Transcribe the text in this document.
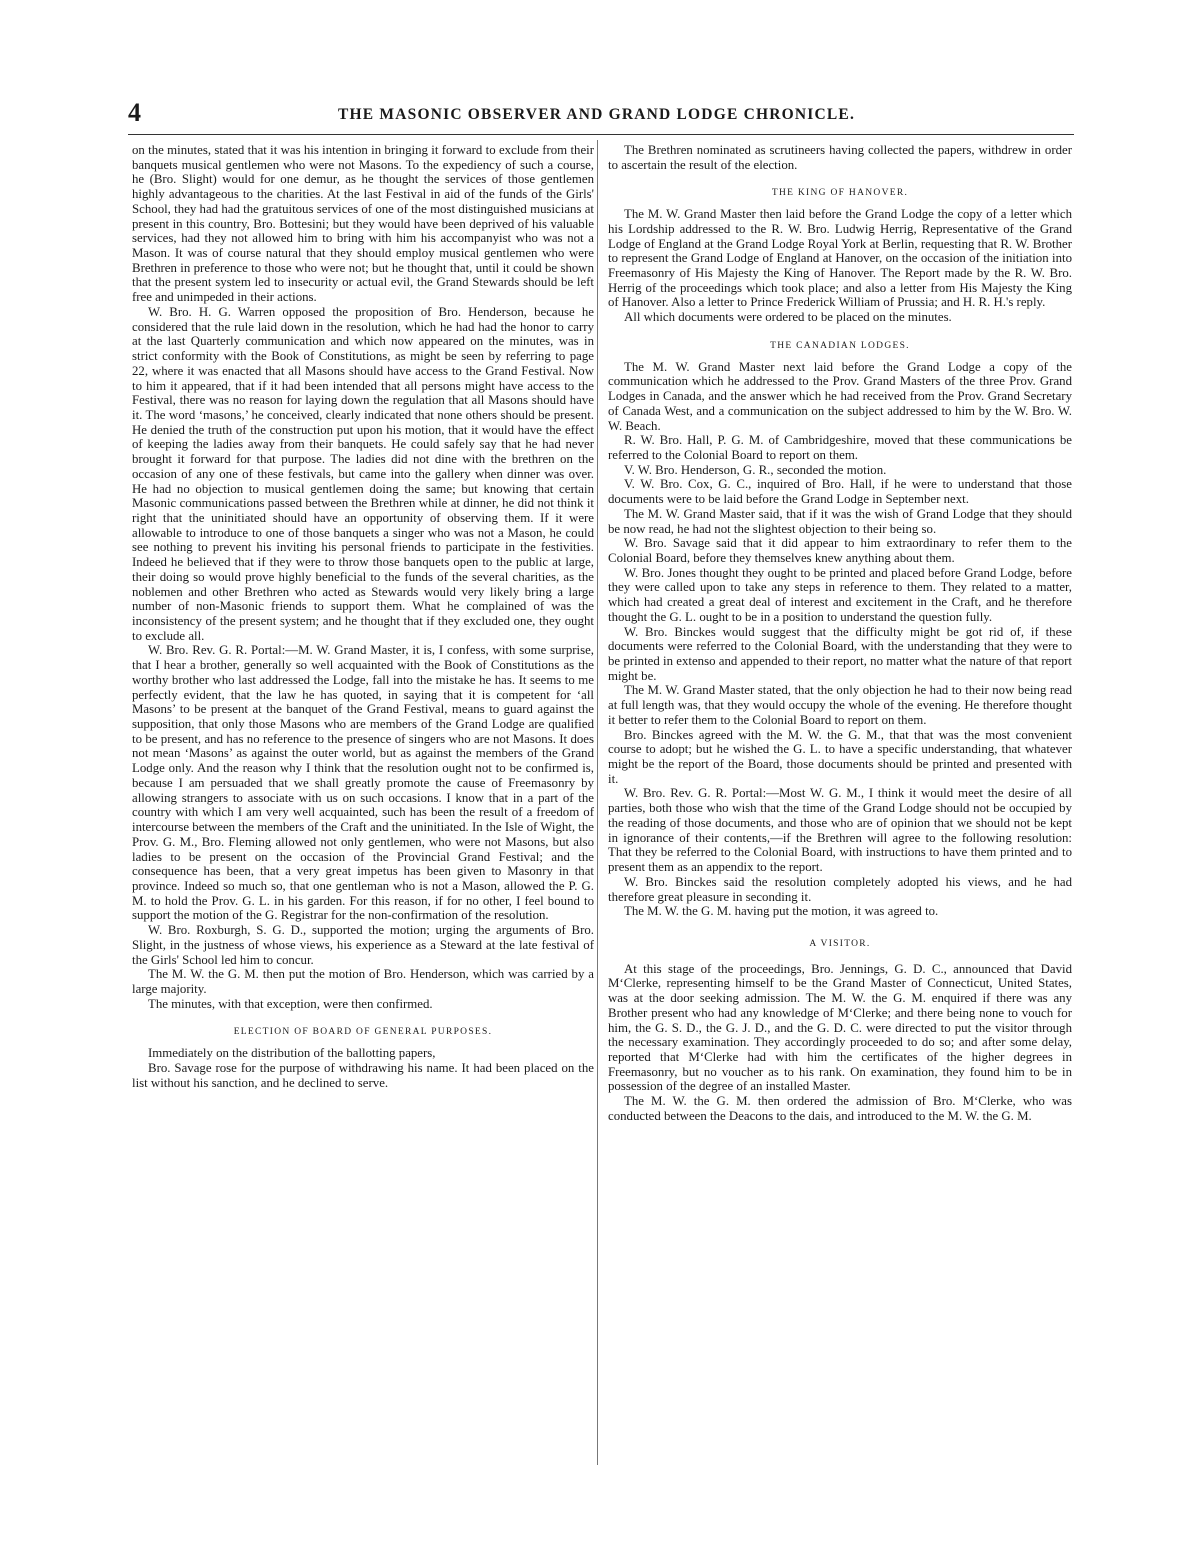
4	THE MASONIC OBSERVER AND GRAND LODGE CHRONICLE.

on the minutes, stated that it was his intention in bringing it forward to exclude from their banquets musical gentlemen who were not Masons. To the expediency of such a course, he (Bro. Slight) would for one demur, as he thought the services of those gentlemen highly advantageous to the charities. At the last Festival in aid of the funds of the Girls' School, they had had the gratuitous services of one of the most distinguished musicians at present in this country, Bro. Bottesini; but they would have been deprived of his valuable services, had they not allowed him to bring with him his accompanyist who was not a Mason. It was of course natural that they should employ musical gentlemen who were Brethren in preference to those who were not; but he thought that, until it could be shown that the present system led to insecurity or actual evil, the Grand Stewards should be left free and unimpeded in their actions.

W. Bro. H. G. Warren opposed the proposition of Bro. Henderson, because he considered that the rule laid down in the resolution, which he had had the honor to carry at the last Quarterly communication and which now appeared on the minutes, was in strict conformity with the Book of Constitutions, as might be seen by referring to page 22, where it was enacted that all Masons should have access to the Grand Festival. Now to him it appeared, that if it had been intended that all persons might have access to the Festival, there was no reason for laying down the regulation that all Masons should have it. The word ‘masons,’ he conceived, clearly indicated that none others should be present. He denied the truth of the construction put upon his motion, that it would have the effect of keeping the ladies away from their banquets. He could safely say that he had never brought it forward for that purpose. The ladies did not dine with the brethren on the occasion of any one of these festivals, but came into the gallery when dinner was over. He had no objection to musical gentlemen doing the same; but knowing that certain Masonic communications passed between the Brethren while at dinner, he did not think it right that the uninitiated should have an opportunity of observing them. If it were allowable to introduce to one of those banquets a singer who was not a Mason, he could see nothing to prevent his inviting his personal friends to participate in the festivities. Indeed he believed that if they were to throw those banquets open to the public at large, their doing so would prove highly beneficial to the funds of the several charities, as the noblemen and other Brethren who acted as Stewards would very likely bring a large number of non-Masonic friends to support them. What he complained of was the inconsistency of the present system; and he thought that if they excluded one, they ought to exclude all.

W. Bro. Rev. G. R. Portal:—M. W. Grand Master, it is, I confess, with some surprise, that I hear a brother, generally so well acquainted with the Book of Constitutions as the worthy brother who last addressed the Lodge, fall into the mistake he has. It seems to me perfectly evident, that the law he has quoted, in saying that it is competent for ‘all Masons’ to be present at the banquet of the Grand Festival, means to guard against the supposition, that only those Masons who are members of the Grand Lodge are qualified to be present, and has no reference to the presence of singers who are not Masons. It does not mean ‘Masons’ as against the outer world, but as against the members of the Grand Lodge only. And the reason why I think that the resolution ought not to be confirmed is, because I am persuaded that we shall greatly promote the cause of Freemasonry by allowing strangers to associate with us on such occasions. I know that in a part of the country with which I am very well acquainted, such has been the result of a freedom of intercourse between the members of the Craft and the uninitiated. In the Isle of Wight, the Prov. G. M., Bro. Fleming allowed not only gentlemen, who were not Masons, but also ladies to be present on the occasion of the Provincial Grand Festival; and the consequence has been, that a very great impetus has been given to Masonry in that province. Indeed so much so, that one gentleman who is not a Mason, allowed the P. G. M. to hold the Prov. G. L. in his garden. For this reason, if for no other, I feel bound to support the motion of the G. Registrar for the non-confirmation of the resolution.

W. Bro. Roxburgh, S. G. D., supported the motion; urging the arguments of Bro. Slight, in the justness of whose views, his experience as a Steward at the late festival of the Girls' School led him to concur.

The M. W. the G. M. then put the motion of Bro. Henderson, which was carried by a large majority.

The minutes, with that exception, were then confirmed.

ELECTION OF BOARD OF GENERAL PURPOSES.

Immediately on the distribution of the ballotting papers,

Bro. Savage rose for the purpose of withdrawing his name. It had been placed on the list without his sanction, and he declined to serve.

The Brethren nominated as scrutineers having collected the papers, withdrew in order to ascertain the result of the election.

THE KING OF HANOVER.

The M. W. Grand Master then laid before the Grand Lodge the copy of a letter which his Lordship addressed to the R. W. Bro. Ludwig Herrig, Representative of the Grand Lodge of England at the Grand Lodge Royal York at Berlin, requesting that R. W. Brother to represent the Grand Lodge of England at Hanover, on the occasion of the initiation into Freemasonry of His Majesty the King of Hanover. The Report made by the R. W. Bro. Herrig of the proceedings which took place; and also a letter from His Majesty the King of Hanover. Also a letter to Prince Frederick William of Prussia; and H. R. H.'s reply.

All which documents were ordered to be placed on the minutes.

THE CANADIAN LODGES.

The M. W. Grand Master next laid before the Grand Lodge a copy of the communication which he addressed to the Prov. Grand Masters of the three Prov. Grand Lodges in Canada, and the answer which he had received from the Prov. Grand Secretary of Canada West, and a communication on the subject addressed to him by the W. Bro. W. W. Beach.

R. W. Bro. Hall, P. G. M. of Cambridgeshire, moved that these communications be referred to the Colonial Board to report on them.

V. W. Bro. Henderson, G. R., seconded the motion.

V. W. Bro. Cox, G. C., inquired of Bro. Hall, if he were to understand that those documents were to be laid before the Grand Lodge in September next.

The M. W. Grand Master said, that if it was the wish of Grand Lodge that they should be now read, he had not the slightest objection to their being so.

W. Bro. Savage said that it did appear to him extraordinary to refer them to the Colonial Board, before they themselves knew anything about them.

W. Bro. Jones thought they ought to be printed and placed before Grand Lodge, before they were called upon to take any steps in reference to them. They related to a matter, which had created a great deal of interest and excitement in the Craft, and he therefore thought the G. L. ought to be in a position to understand the question fully.

W. Bro. Binckes would suggest that the difficulty might be got rid of, if these documents were referred to the Colonial Board, with the understanding that they were to be printed in extenso and appended to their report, no matter what the nature of that report might be.

The M. W. Grand Master stated, that the only objection he had to their now being read at full length was, that they would occupy the whole of the evening. He therefore thought it better to refer them to the Colonial Board to report on them.

Bro. Binckes agreed with the M. W. the G. M., that that was the most convenient course to adopt; but he wished the G. L. to have a specific understanding, that whatever might be the report of the Board, those documents should be printed and presented with it.

W. Bro. Rev. G. R. Portal:—Most W. G. M., I think it would meet the desire of all parties, both those who wish that the time of the Grand Lodge should not be occupied by the reading of those documents, and those who are of opinion that we should not be kept in ignorance of their contents,—if the Brethren will agree to the following resolution: That they be referred to the Colonial Board, with instructions to have them printed and to present them as an appendix to the report.

W. Bro. Binckes said the resolution completely adopted his views, and he had therefore great pleasure in seconding it.

The M. W. the G. M. having put the motion, it was agreed to.

A VISITOR.

At this stage of the proceedings, Bro. Jennings, G. D. C., announced that David M‘Clerke, representing himself to be the Grand Master of Connecticut, United States, was at the door seeking admission. The M. W. the G. M. enquired if there was any Brother present who had any knowledge of M‘Clerke; and there being none to vouch for him, the G. S. D., the G. J. D., and the G. D. C. were directed to put the visitor through the necessary examination. They accordingly proceeded to do so; and after some delay, reported that M‘Clerke had with him the certificates of the higher degrees in Freemasonry, but no voucher as to his rank. On examination, they found him to be in possession of the degree of an installed Master.

The M. W. the G. M. then ordered the admission of Bro. M‘Clerke, who was conducted between the Deacons to the dais, and introduced to the M. W. the G. M.
